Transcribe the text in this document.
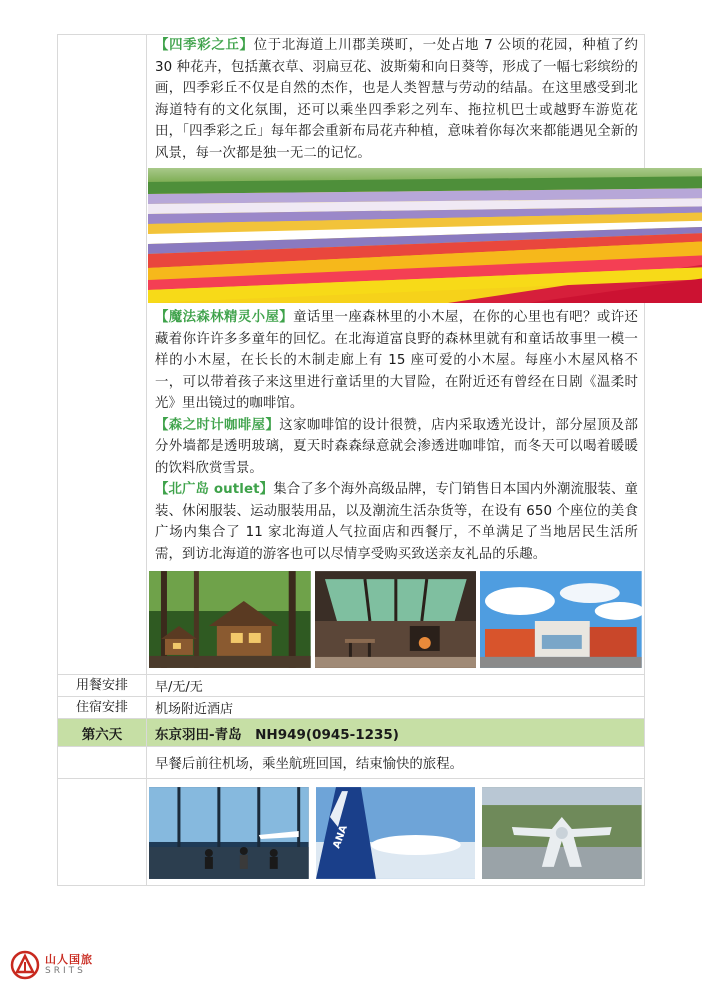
	【四季彩之丘】位于北海道上川郡美瑛町，一处占地 7 公顷的花园，种植了约 30 种花卉，包括薰衣草、羽扁豆花、波斯菊和向日葵等，形成了一幅七彩缤纷的画，四季彩丘不仅是自然的杰作，也是人类智慧与劳动的结晶。在这里感受到北海道特有的文化氛围，还可以乘坐四季彩之列车、拖拉机巴士或越野车游览花田，「四季彩之丘」每年都会重新布局花卉种植，意味着你每次来都能遇见全新的风景，每一次都是独一无二的记忆。

【魔法森林精灵小屋】童话里一座森林里的小木屋，在你的心里也有吧？或许还藏着你许许多多童年的回忆。在北海道富良野的森林里就有和童话故事里一模一样的小木屋，在长长的木制走廊上有 15 座可爱的小木屋。每座小木屋风格不一，可以带着孩子来这里进行童话里的大冒险，在附近还有曾经在日剧《温柔时光》里出镜过的咖啡馆。

【森之时计咖啡屋】这家咖啡馆的设计很赞，店内采取透光设计，部分屋顶及部分外墙都是透明玻璃，夏天时森森绿意就会渗透进咖啡馆，而冬天可以喝着暖暖的饮料欣赏雪景。

【北广岛 outlet】集合了多个海外高级品牌，专门销售日本国内外潮流服装、童装、休闲服装、运动服装用品，以及潮流生活杂货等，在设有 650 个座位的美食广场内集合了 11 家北海道人气拉面店和西餐厅，不单满足了当地居民生活所需，到访北海道的游客也可以尽情享受购买致送亲友礼品的乐趣。

用餐安排	早/无/无
住宿安排	机场附近酒店
第六天	东京羽田-青岛　NH949(0945-1235)
	早餐后前往机场，乘坐航班回国，结束愉快的旅程。

ANA
山人国旅
SRITS
